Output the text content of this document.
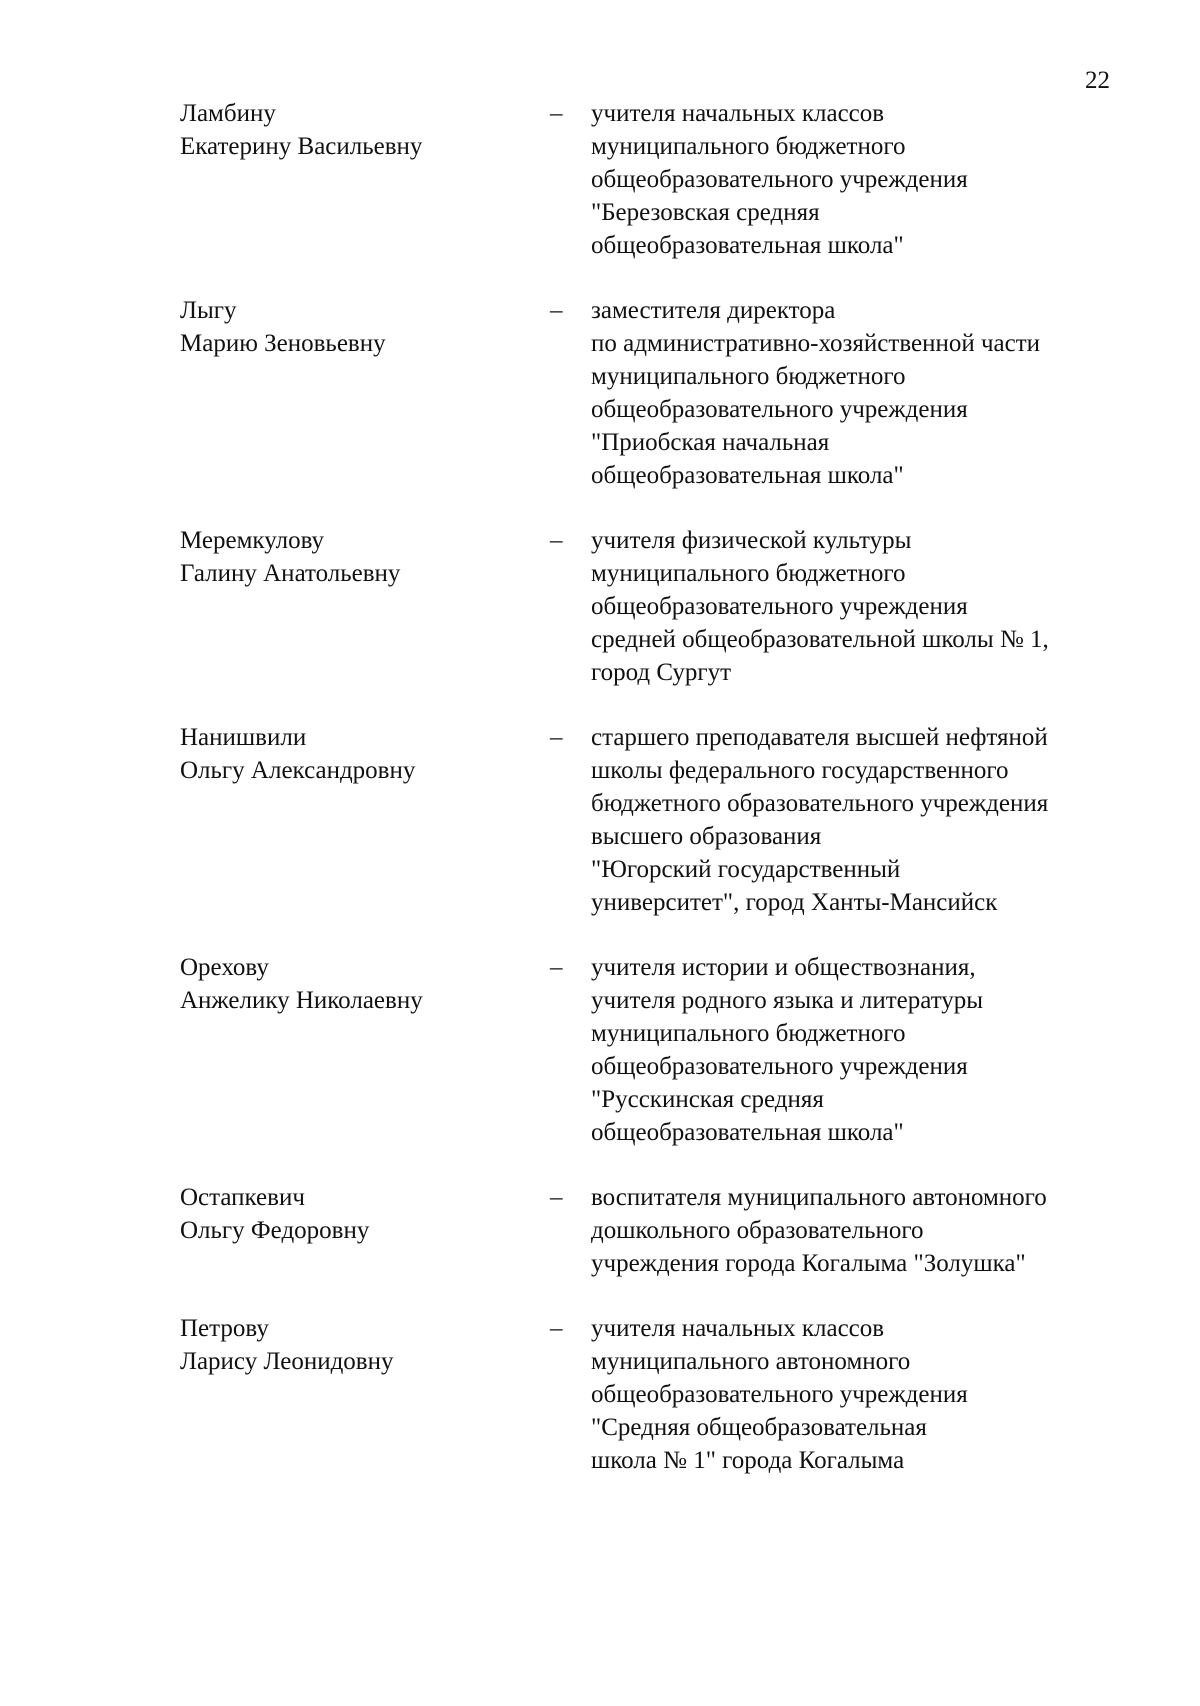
22
Ламбину
Екатерину Васильевну
– учителя начальных классов
муниципального бюджетного
общеобразовательного учреждения
"Березовская средняя
общеобразовательная школа"
Лыгу
Марию Зеновьевну
– заместителя директора
по административно-хозяйственной части
муниципального бюджетного
общеобразовательного учреждения
"Приобская начальная
общеобразовательная школа"
Меремкулову
Галину Анатольевну
– учителя физической культуры
муниципального бюджетного
общеобразовательного учреждения
средней общеобразовательной школы № 1,
город Сургут
Нанишвили
Ольгу Александровну
– старшего преподавателя высшей нефтяной
школы федерального государственного
бюджетного образовательного учреждения
высшего образования
"Югорский государственный
университет", город Ханты-Мансийск
Орехову
Анжелику Николаевну
– учителя истории и обществознания,
учителя родного языка и литературы
муниципального бюджетного
общеобразовательного учреждения
"Русскинская средняя
общеобразовательная школа"
Остапкевич
Ольгу Федоровну
– воспитателя муниципального автономного
дошкольного образовательного
учреждения города Когалыма "Золушка"
Петрову
Ларису Леонидовну
– учителя начальных классов
муниципального автономного
общеобразовательного учреждения
"Средняя общеобразовательная
школа № 1" города Когалыма
